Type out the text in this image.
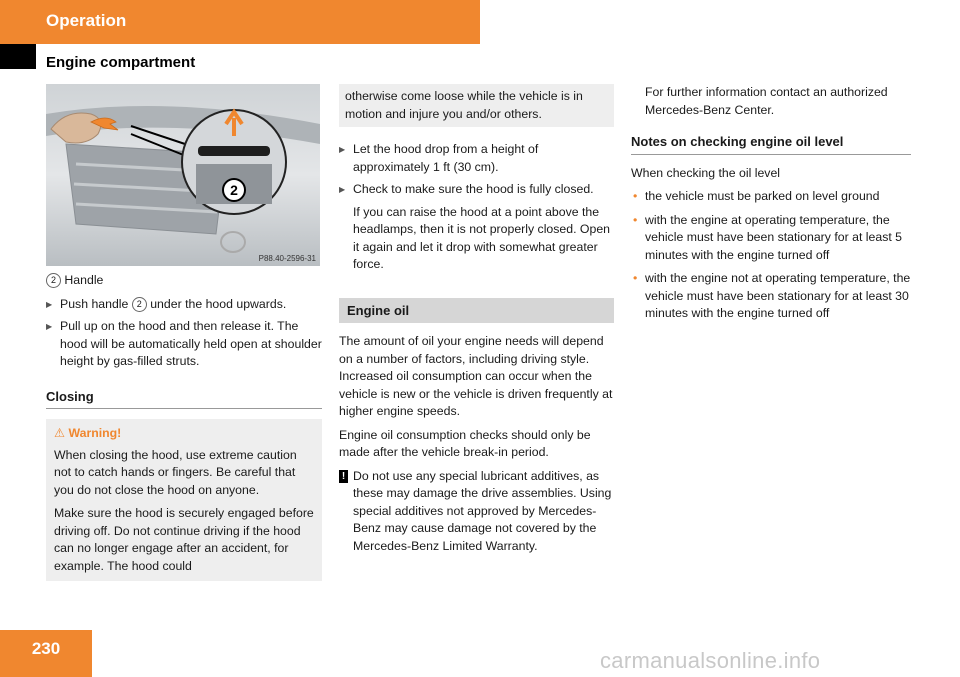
Operation
Engine compartment
2
P88.40-2596-31

2 Handle

▶ Push handle 2 under the hood upwards.
▶ Pull up on the hood and then release it. The hood will be automatically held open at shoulder height by gas-filled struts.
Closing
⚠ Warning!

When closing the hood, use extreme caution not to catch hands or fingers. Be careful that you do not close the hood on anyone.

Make sure the hood is securely engaged before driving off. Do not continue driving if the hood can no longer engage after an accident, for example. The hood could

otherwise come loose while the vehicle is in motion and injure you and/or others.

▶ Let the hood drop from a height of approximately 1 ft (30 cm).
▶ Check to make sure the hood is fully closed.

If you can raise the hood at a point above the headlamps, then it is not properly closed. Open it again and let it drop with somewhat greater force.

Engine oil

The amount of oil your engine needs will depend on a number of factors, including driving style. Increased oil consumption can occur when the vehicle is new or the vehicle is driven frequently at higher engine speeds.

Engine oil consumption checks should only be made after the vehicle break-in period.

! Do not use any special lubricant additives, as these may damage the drive assemblies. Using special additives not approved by Mercedes-Benz may cause damage not covered by the Mercedes-Benz Limited Warranty.

For further information contact an authorized Mercedes-Benz Center.

Notes on checking engine oil level

When checking the oil level

• the vehicle must be parked on level ground
• with the engine at operating temperature, the vehicle must have been stationary for at least 5 minutes with the engine turned off
• with the engine not at operating temperature, the vehicle must have been stationary for at least 30 minutes with the engine turned off
230	carmanualsonline.info
